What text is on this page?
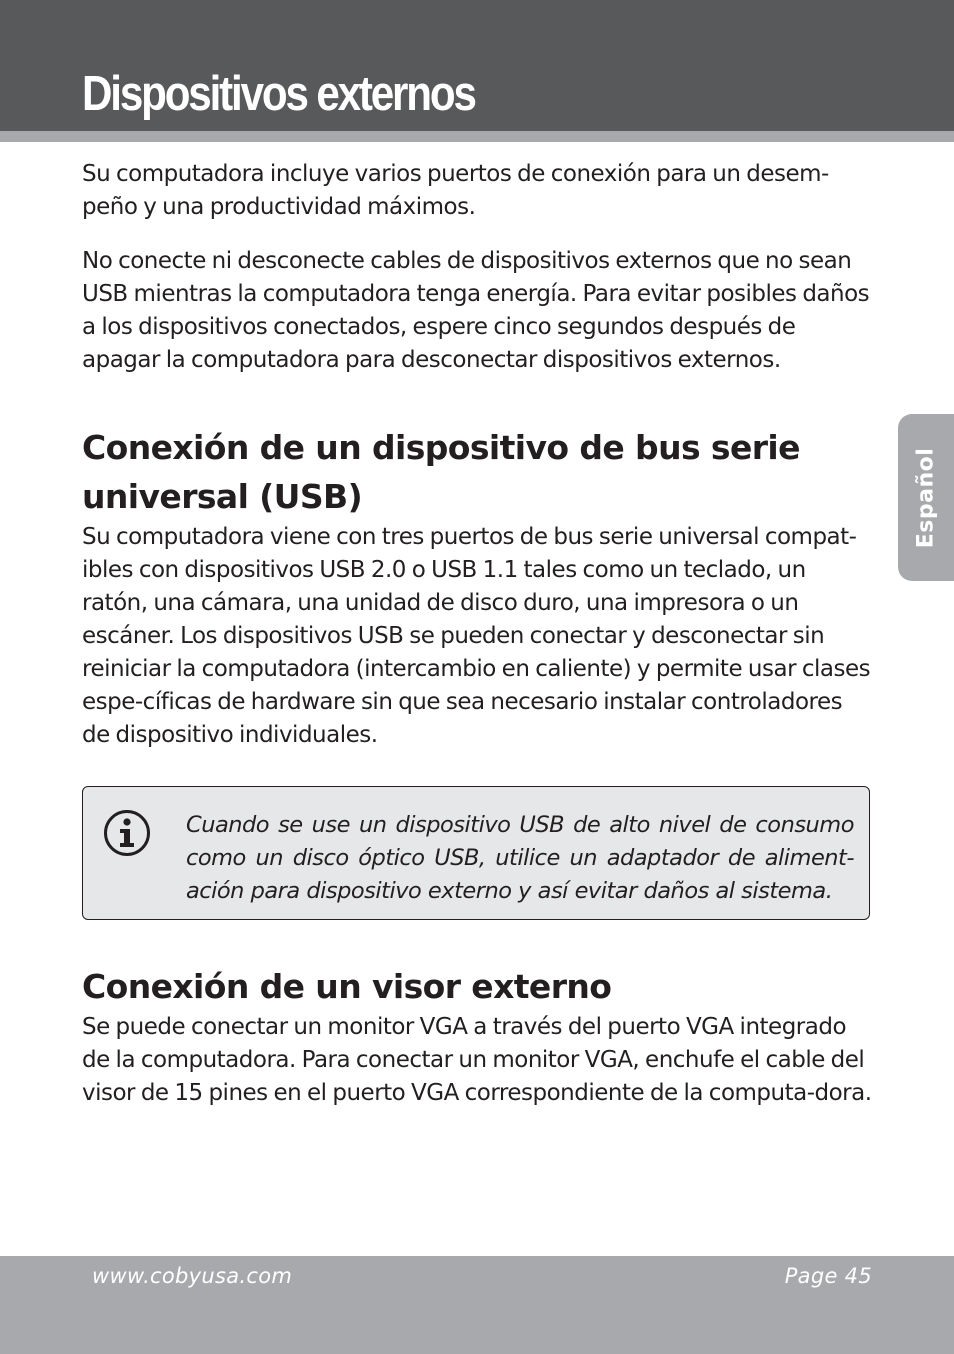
Dispositivos externos
Español

Su computadora incluye varios puertos de conexión para un desem-peño y una productividad máximos.

No conecte ni desconecte cables de dispositivos externos que no sean USB mientras la computadora tenga energía. Para evitar posibles daños a los dispositivos conectados, espere cinco segundos después de apagar la computadora para desconectar dispositivos externos.

Conexión de un dispositivo de bus serie universal (USB)

Su computadora viene con tres puertos de bus serie universal compat-ibles con dispositivos USB 2.0 o USB 1.1 tales como un teclado, un ratón, una cámara, una unidad de disco duro, una impresora o un escáner. Los dispositivos USB se pueden conectar y desconectar sin reiniciar la computadora (intercambio en caliente) y permite usar clases espe-cíficas de hardware sin que sea necesario instalar controladores de dispositivo individuales.

Cuando se use un dispositivo USB de alto nivel de consumo como un disco óptico USB, utilice un adaptador de aliment-ación para dispositivo externo y así evitar daños al sistema.

Conexión de un visor externo

Se puede conectar un monitor VGA a través del puerto VGA integrado de la computadora. Para conectar un monitor VGA, enchufe el cable del visor de 15 pines en el puerto VGA correspondiente de la computa-dora.

www.cobyusa.com	Page 45
